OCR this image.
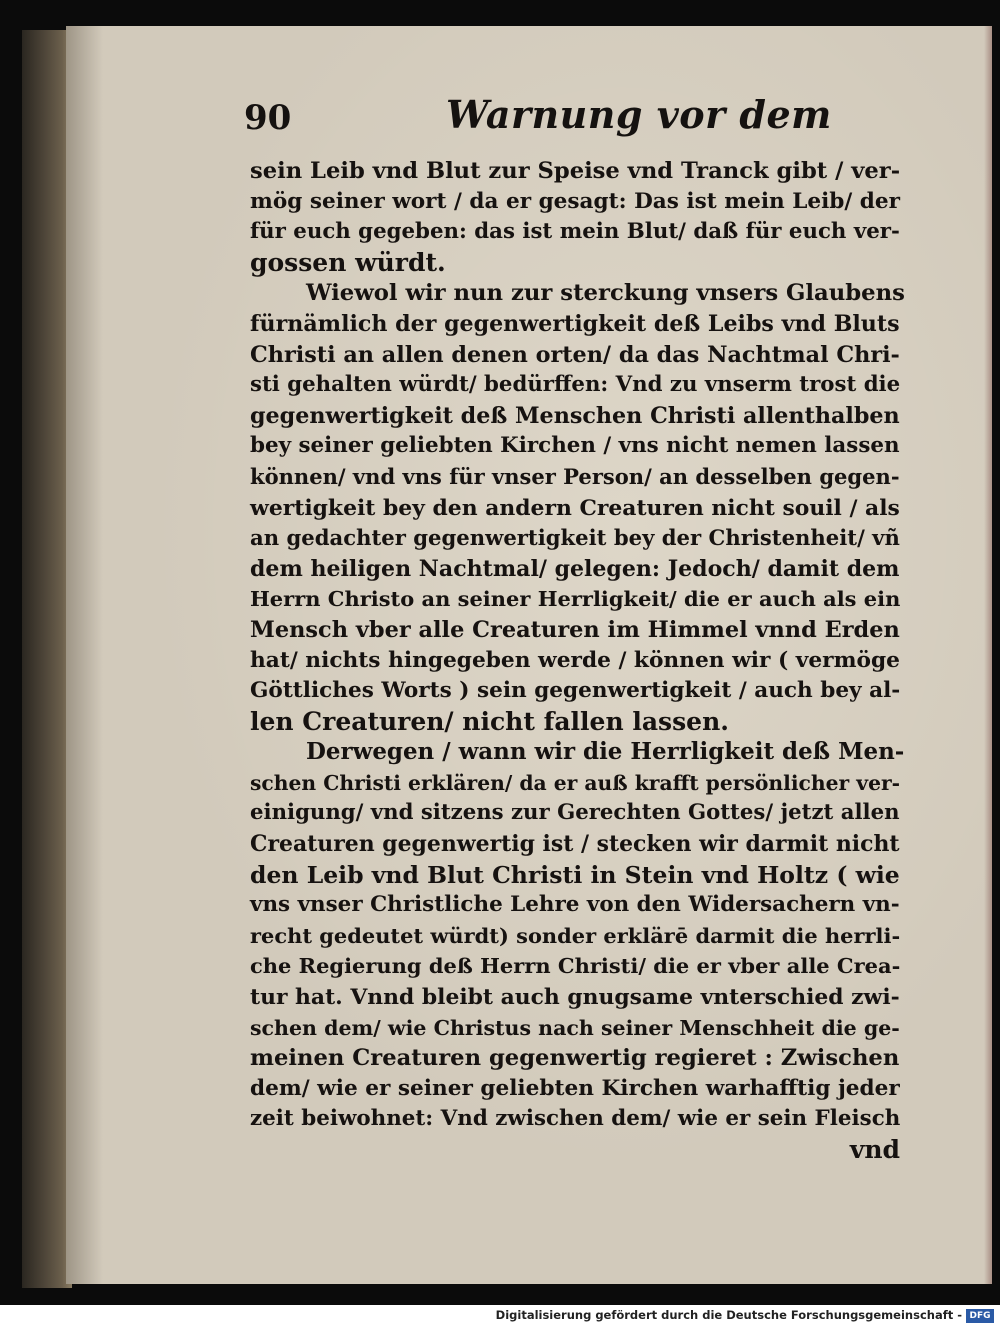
90	Warnung vor dem
sein Leib vnd Blut zur Speise vnd Tranck gibt / ver-
mög seiner wort / da er gesagt: Das ist mein Leib/ der
für euch gegeben: das ist mein Blut/ daß für euch ver-
gossen würdt.
Wiewol wir nun zur sterckung vnsers Glaubens
fürnämlich der gegenwertigkeit deß Leibs vnd Bluts
Christi an allen denen orten/ da das Nachtmal Chri-
sti gehalten würdt/ bedürffen: Vnd zu vnserm trost die
gegenwertigkeit deß Menschen Christi allenthalben
bey seiner geliebten Kirchen / vns nicht nemen lassen
können/ vnd vns für vnser Person/ an desselben gegen-
wertigkeit bey den andern Creaturen nicht souil / als
an gedachter gegenwertigkeit bey der Christenheit/ vñ
dem heiligen Nachtmal/ gelegen: Jedoch/ damit dem
Herrn Christo an seiner Herrligkeit/ die er auch als ein
Mensch vber alle Creaturen im Himmel vnnd Erden
hat/ nichts hingegeben werde / können wir ( vermöge
Göttliches Worts ) sein gegenwertigkeit / auch bey al-
len Creaturen/ nicht fallen lassen.
Derwegen / wann wir die Herrligkeit deß Men-
schen Christi erklären/ da er auß krafft persönlicher ver-
einigung/ vnd sitzens zur Gerechten Gottes/ jetzt allen
Creaturen gegenwertig ist / stecken wir darmit nicht
den Leib vnd Blut Christi in Stein vnd Holtz ( wie
vns vnser Christliche Lehre von den Widersachern vn-
recht gedeutet würdt) sonder erklärē darmit die herrli-
che Regierung deß Herrn Christi/ die er vber alle Crea-
tur hat. Vnnd bleibt auch gnugsame vnterschied zwi-
schen dem/ wie Christus nach seiner Menschheit die ge-
meinen Creaturen gegenwertig regieret : Zwischen
dem/ wie er seiner geliebten Kirchen warhafftig jeder
zeit beiwohnet: Vnd zwischen dem/ wie er sein Fleisch
vnd
Digitalisierung gefördert durch die Deutsche Forschungsgemeinschaft - DFG
